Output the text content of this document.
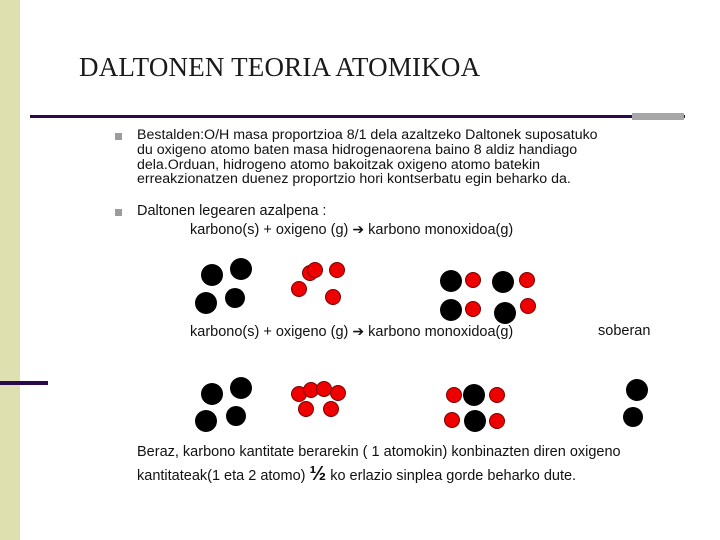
DALTONEN TEORIA ATOMIKOA
Bestalden:O/H masa proportzioa 8/1 dela azaltzeko Daltonek suposatuko
du oxigeno atomo baten masa hidrogenaorena baino 8 aldiz handiago
dela.Orduan, hidrogeno atomo bakoitzak oxigeno atomo batekin
erreakzionatzen duenez proportzio hori kontserbatu egin beharko da.
Daltonen legearen azalpena :
karbono(s) + oxigeno (g) ➔ karbono monoxidoa(g)
karbono(s) + oxigeno (g) ➔ karbono monoxidoa(g)	soberan
Beraz, karbono kantitate berarekin ( 1 atomokin) konbinazten diren oxigeno
kantitateak(1 eta 2 atomo) ½ ko erlazio sinplea gorde beharko dute.
